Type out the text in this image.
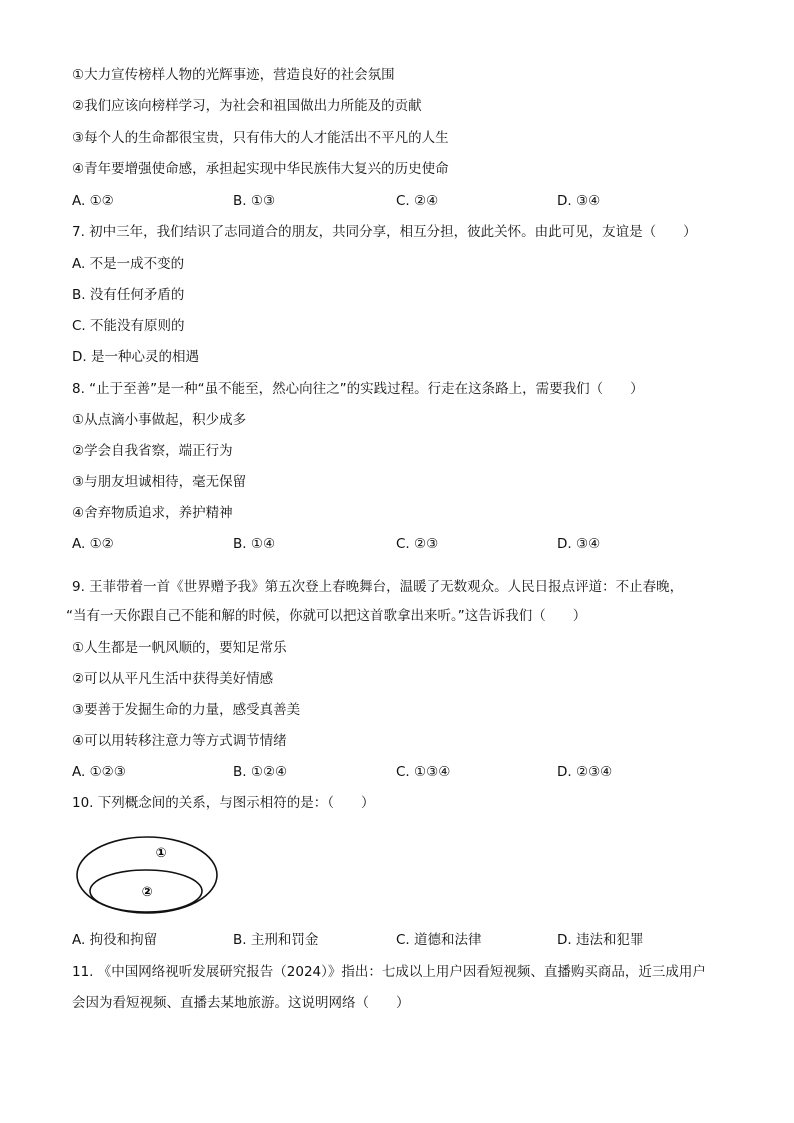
①大力宣传榜样人物的光辉事迹，营造良好的社会氛围
②我们应该向榜样学习，为社会和祖国做出力所能及的贡献
③每个人的生命都很宝贵，只有伟大的人才能活出不平凡的人生
④青年要增强使命感，承担起实现中华民族伟大复兴的历史使命
A. ①②	B. ①③	C. ②④	D. ③④
7. 初中三年，我们结识了志同道合的朋友，共同分享，相互分担，彼此关怀。由此可见，友谊是（　　）
A. 不是一成不变的
B. 没有任何矛盾的
C. 不能没有原则的
D. 是一种心灵的相遇
8. “止于至善”是一种“虽不能至，然心向往之”的实践过程。行走在这条路上，需要我们（　　）
①从点滴小事做起，积少成多
②学会自我省察，端正行为
③与朋友坦诚相待，毫无保留
④舍弃物质追求，养护精神
A. ①②	B. ①④	C. ②③	D. ③④
9. 王菲带着一首《世界赠予我》第五次登上春晚舞台，温暖了无数观众。人民日报点评道：不止春晚，
“当有一天你跟自己不能和解的时候，你就可以把这首歌拿出来听。”这告诉我们（　　）
①人生都是一帆风顺的，要知足常乐
②可以从平凡生活中获得美好情感
③要善于发掘生命的力量，感受真善美
④可以用转移注意力等方式调节情绪
A. ①②③	B. ①②④	C. ①③④	D. ②③④
10. 下列概念间的关系，与图示相符的是：（　　）
①
②
A. 拘役和拘留	B. 主刑和罚金	C. 道德和法律	D. 违法和犯罪
11. 《中国网络视听发展研究报告（2024）》指出：七成以上用户因看短视频、直播购买商品，近三成用户
会因为看短视频、直播去某地旅游。这说明网络（　　）
